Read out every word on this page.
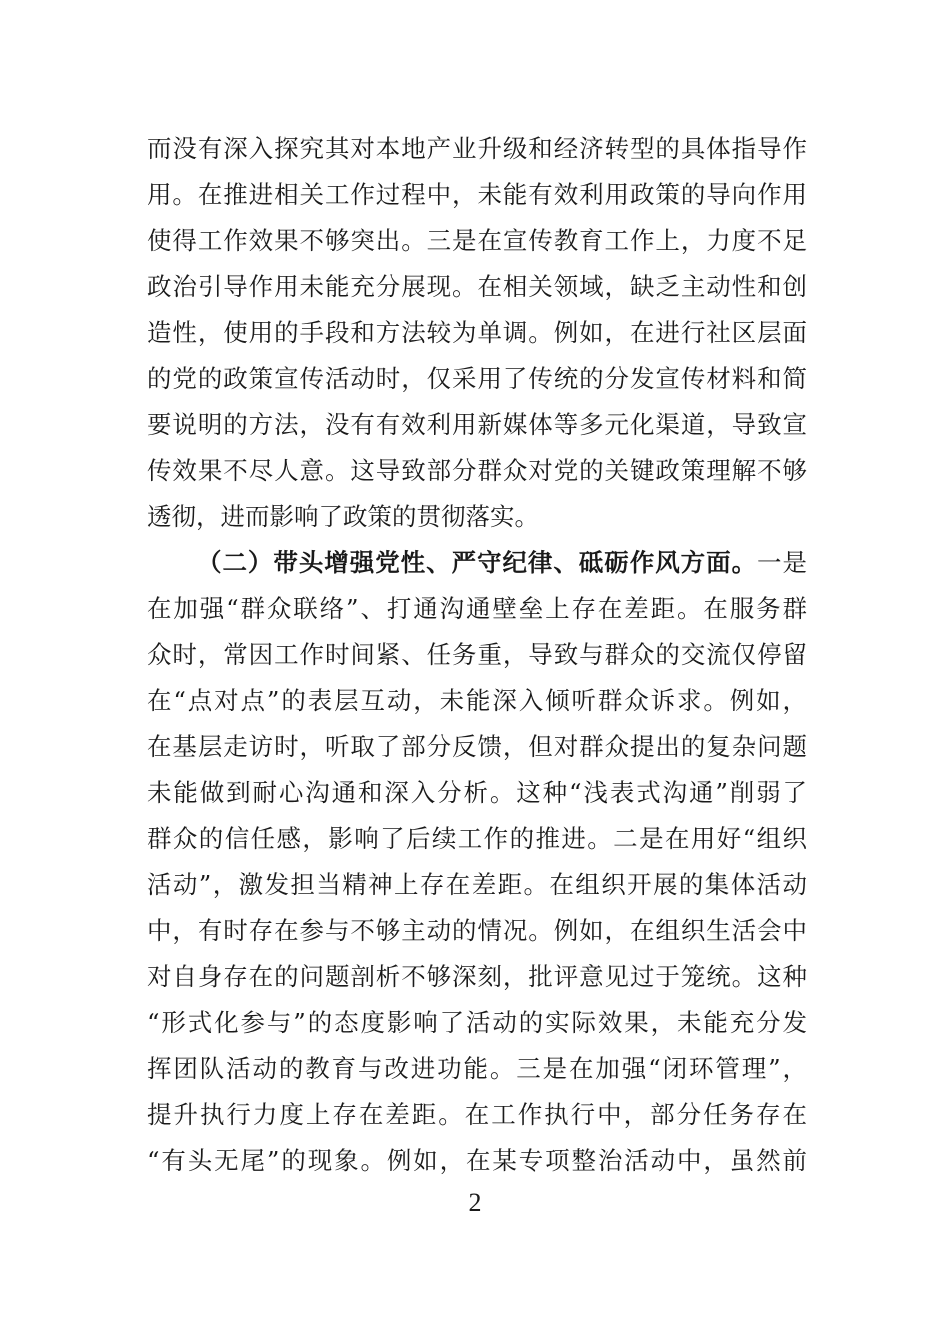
而没有深入探究其对本地产业升级和经济转型的具体指导作
用。在推进相关工作过程中，未能有效利用政策的导向作用
使得工作效果不够突出。三是在宣传教育工作上，力度不足
政治引导作用未能充分展现。在相关领域，缺乏主动性和创
造性，使用的手段和方法较为单调。例如，在进行社区层面
的党的政策宣传活动时，仅采用了传统的分发宣传材料和简
要说明的方法，没有有效利用新媒体等多元化渠道，导致宣
传效果不尽人意。这导致部分群众对党的关键政策理解不够
透彻，进而影响了政策的贯彻落实。
（二）带头增强党性、严守纪律、砥砺作风方面。一是
在加强“群众联络”、打通沟通壁垒上存在差距。在服务群
众时，常因工作时间紧、任务重，导致与群众的交流仅停留
在“点对点”的表层互动，未能深入倾听群众诉求。例如，
在基层走访时，听取了部分反馈，但对群众提出的复杂问题
未能做到耐心沟通和深入分析。这种“浅表式沟通”削弱了
群众的信任感，影响了后续工作的推进。二是在用好“组织
活动”，激发担当精神上存在差距。在组织开展的集体活动
中，有时存在参与不够主动的情况。例如，在组织生活会中
对自身存在的问题剖析不够深刻，批评意见过于笼统。这种
“形式化参与”的态度影响了活动的实际效果，未能充分发
挥团队活动的教育与改进功能。三是在加强“闭环管理”，
提升执行力度上存在差距。在工作执行中，部分任务存在
“有头无尾”的现象。例如，在某专项整治活动中，虽然前
2
